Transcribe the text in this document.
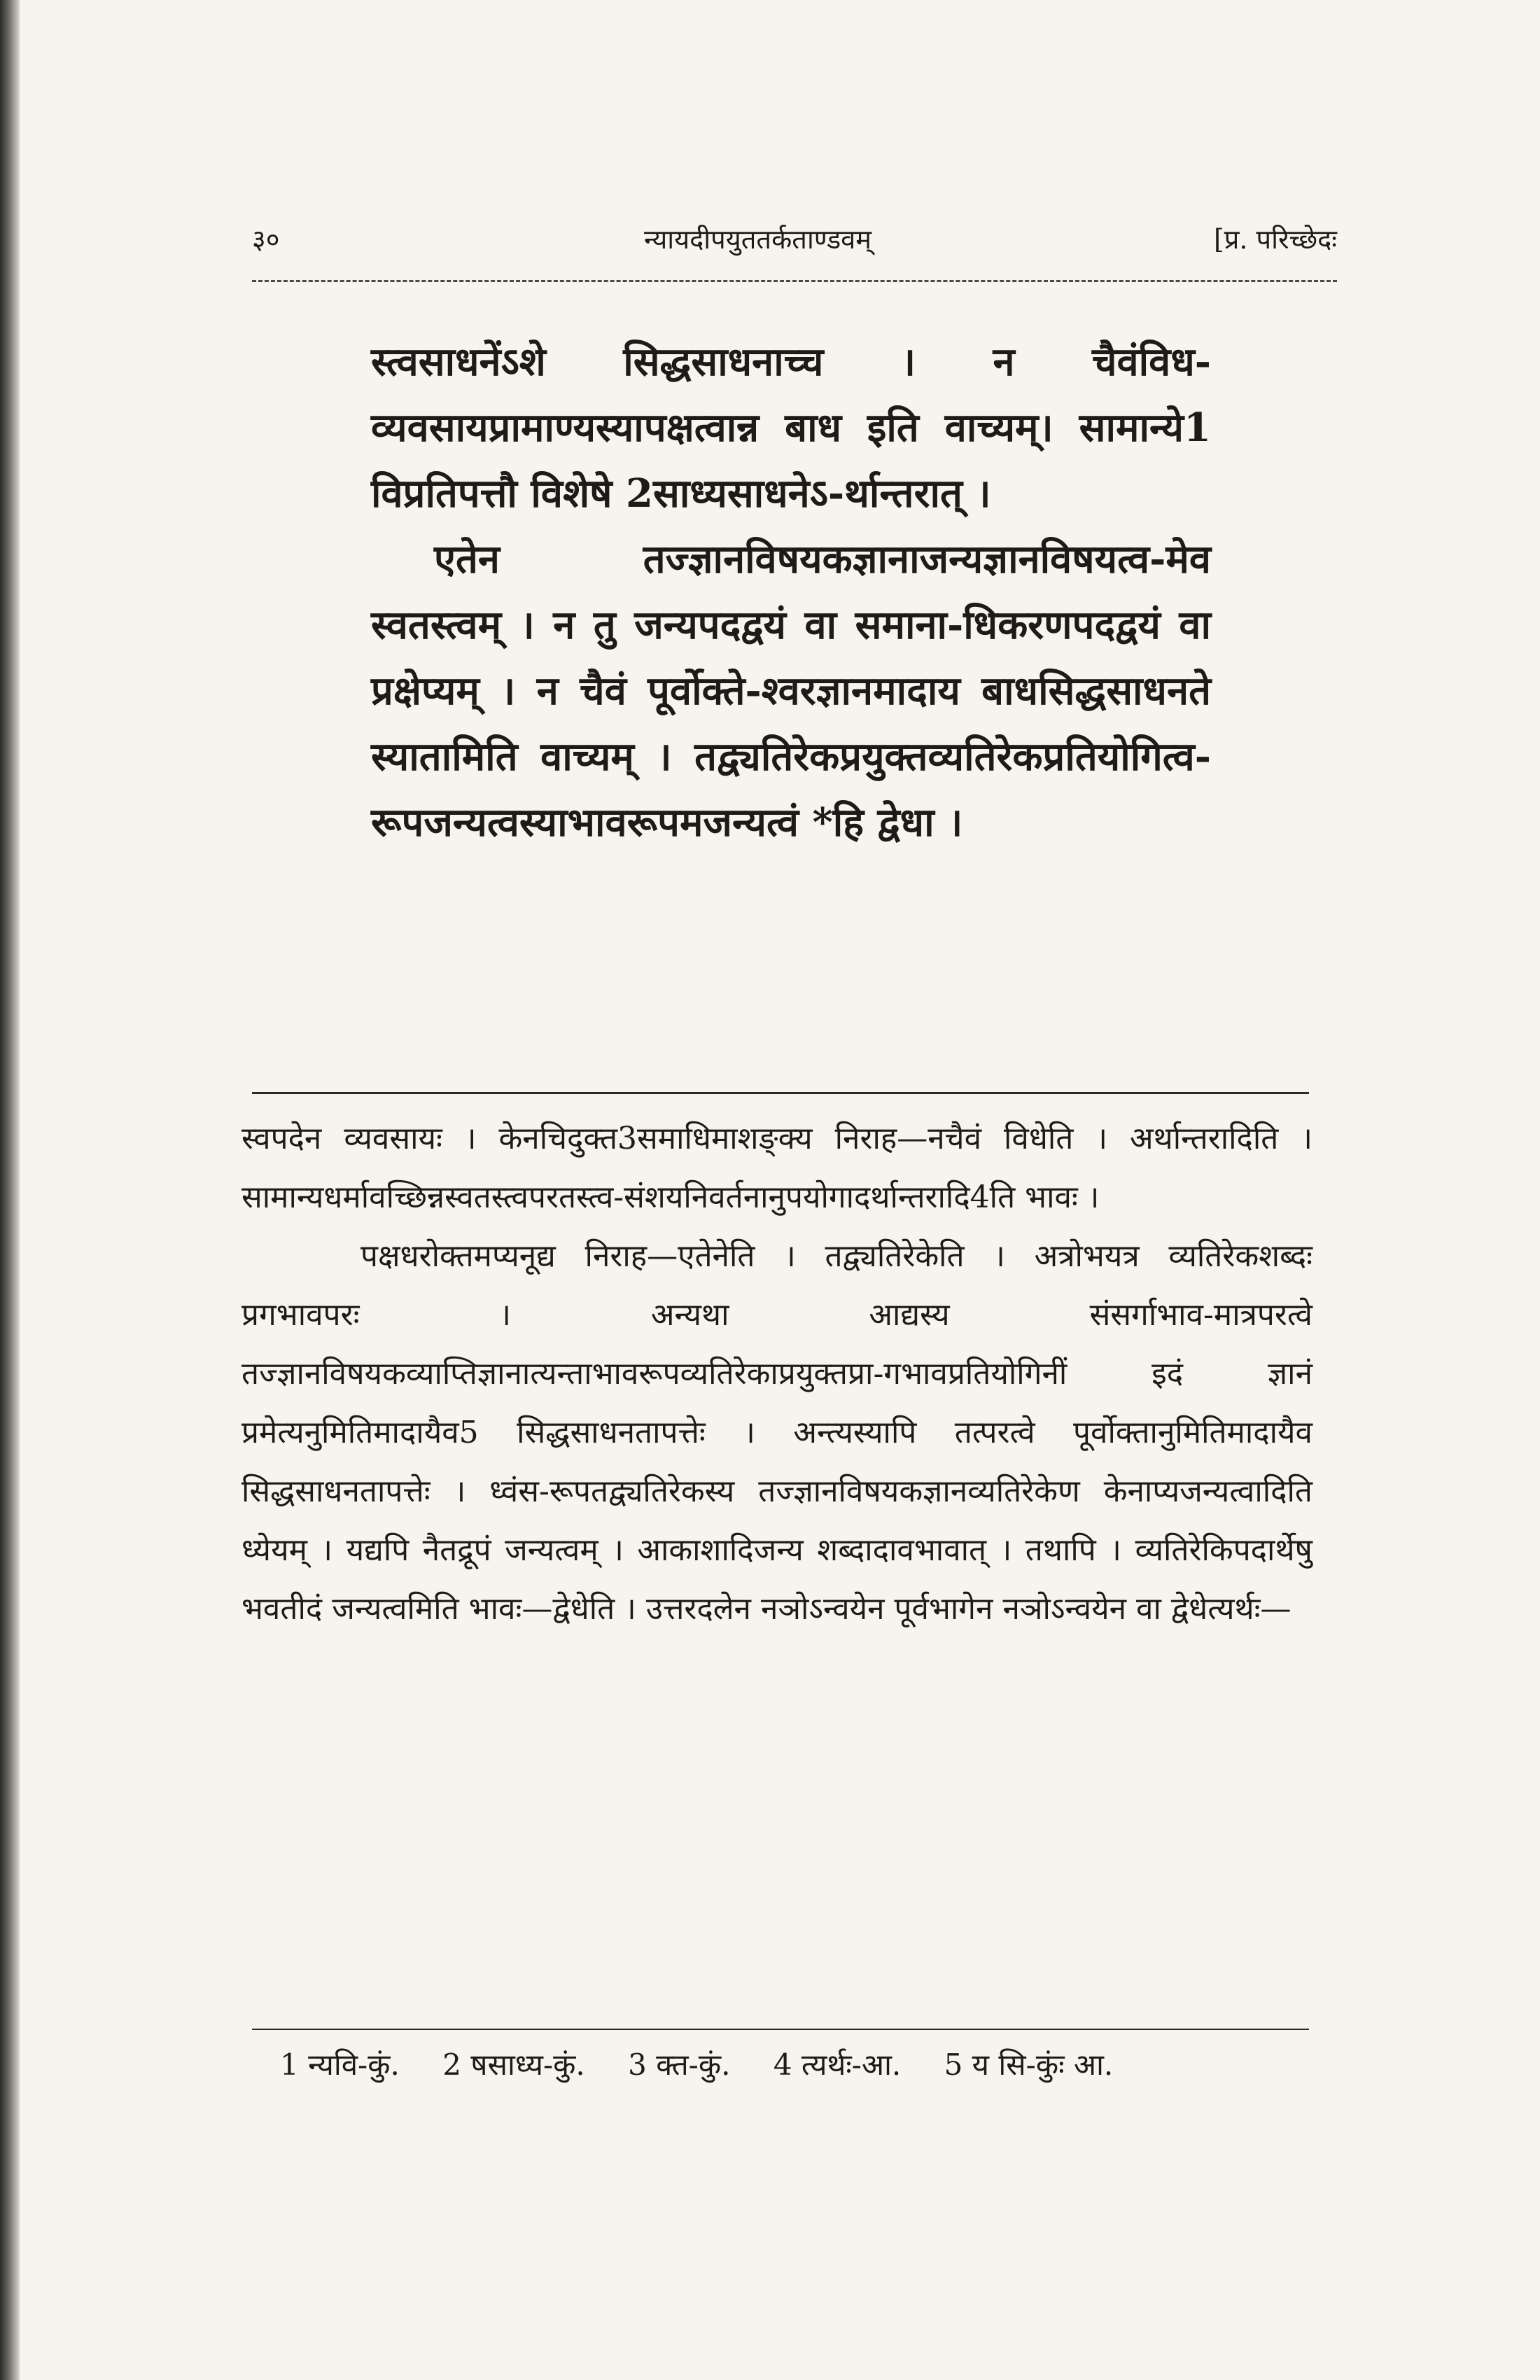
३०	न्यायदीपयुततर्कताण्डवम्	[प्र. परिच्छेदः

स्त्वसाधनेंऽशे सिद्धसाधनाच्च । न चैवंविध-व्यवसायप्रामाण्यस्यापक्षत्वान्न बाध इति वाच्यम्। सामान्ये1 विप्रतिपत्तौ विशेषे 2साध्यसाधनेऽ-र्थान्तरात् ।

एतेन तज्ज्ञानविषयकज्ञानाजन्यज्ञानविषयत्व-मेव स्वतस्त्वम् । न तु जन्यपदद्वयं वा समाना-धिकरणपदद्वयं वा प्रक्षेप्यम् । न चैवं पूर्वोक्ते-श्वरज्ञानमादाय बाधसिद्धसाधनते स्यातामिति वाच्यम् । तद्व्यतिरेकप्रयुक्तव्यतिरेकप्रतियोगित्व-रूपजन्यत्वस्याभावरूपमजन्यत्वं *हि द्वेधा ।

स्वपदेन व्यवसायः । केनचिदुक्त3समाधिमाशङ्क्य निराह—नचैवं विधेति । अर्थान्तरादिति । सामान्यधर्मावच्छिन्नस्वतस्त्वपरतस्त्व-संशयनिवर्तनानुपयोगादर्थान्तरादि4ति भावः ।

पक्षधरोक्तमप्यनूद्य निराह—एतेनेति । तद्व्यतिरेकेति । अत्रोभयत्र व्यतिरेकशब्दः प्रगभावपरः । अन्यथा आद्यस्य संसर्गाभाव-मात्रपरत्वे तज्ज्ञानविषयकव्याप्तिज्ञानात्यन्ताभावरूपव्यतिरेकाप्रयुक्तप्रा-गभावप्रतियोगिनीं इदं ज्ञानं प्रमेत्यनुमितिमादायैव5 सिद्धसाधनतापत्तेः । अन्त्यस्यापि तत्परत्वे पूर्वोक्तानुमितिमादायैव सिद्धसाधनतापत्तेः । ध्वंस-रूपतद्व्यतिरेकस्य तज्ज्ञानविषयकज्ञानव्यतिरेकेण केनाप्यजन्यत्वादिति ध्येयम् । यद्यपि नैतद्रूपं जन्यत्वम् । आकाशादिजन्य शब्दादावभावात् । तथापि । व्यतिरेकिपदार्थेषु भवतीदं जन्यत्वमिति भावः—द्वेधेति । उत्तरदलेन नञोऽन्वयेन पूर्वभागेन नञोऽन्वयेन वा द्वेधेत्यर्थः—

1 न्यवि-कुं. 2 षसाध्य-कुं. 3 क्त-कुं. 4 त्यर्थः-आ. 5 य सि-कुंः आ.
